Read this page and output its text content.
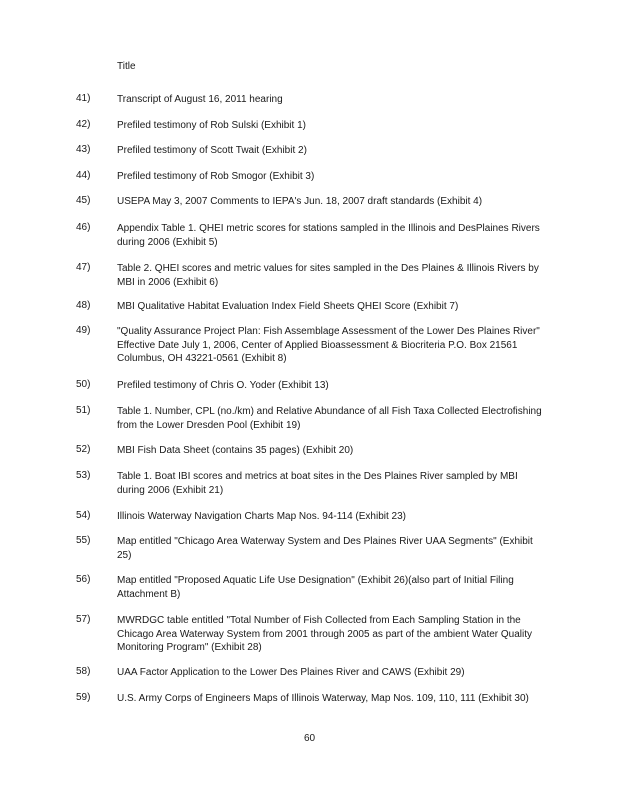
Title
41)	Transcript of August 16, 2011 hearing
42)	Prefiled testimony of Rob Sulski (Exhibit 1)
43)	Prefiled testimony of Scott Twait (Exhibit 2)
44)	Prefiled testimony of Rob Smogor (Exhibit 3)
45)	USEPA May 3, 2007 Comments to IEPA's Jun. 18, 2007 draft standards (Exhibit 4)
46)	Appendix Table 1. QHEI metric scores for stations sampled in the Illinois and DesPlaines Rivers during 2006 (Exhibit 5)
47)	Table 2. QHEI scores and metric values for sites sampled in the Des Plaines & Illinois Rivers by MBI in 2006 (Exhibit 6)
48)	MBI Qualitative Habitat Evaluation Index Field Sheets QHEI Score (Exhibit 7)
49)	"Quality Assurance Project Plan: Fish Assemblage Assessment of the Lower Des Plaines River" Effective Date July 1, 2006, Center of Applied Bioassessment & Biocriteria P.O. Box 21561 Columbus, OH 43221-0561 (Exhibit 8)
50)	Prefiled testimony of Chris O. Yoder (Exhibit 13)
51)	Table 1. Number, CPL (no./km) and Relative Abundance of all Fish Taxa Collected Electrofishing from the Lower Dresden Pool (Exhibit 19)
52)	MBI Fish Data Sheet (contains 35 pages) (Exhibit 20)
53)	Table 1. Boat IBI scores and metrics at boat sites in the Des Plaines River sampled by MBI during 2006 (Exhibit 21)
54)	Illinois Waterway Navigation Charts Map Nos. 94-114 (Exhibit 23)
55)	Map entitled "Chicago Area Waterway System and Des Plaines River UAA Segments" (Exhibit 25)
56)	Map entitled "Proposed Aquatic Life Use Designation" (Exhibit 26)(also part of Initial Filing Attachment B)
57)	MWRDGC table entitled "Total Number of Fish Collected from Each Sampling Station in the Chicago Area Waterway System from 2001 through 2005 as part of the ambient Water Quality Monitoring Program" (Exhibit 28)
58)	UAA Factor Application to the Lower Des Plaines River and CAWS (Exhibit 29)
59)	U.S. Army Corps of Engineers Maps of Illinois Waterway, Map Nos. 109, 110, 111 (Exhibit 30)
60
